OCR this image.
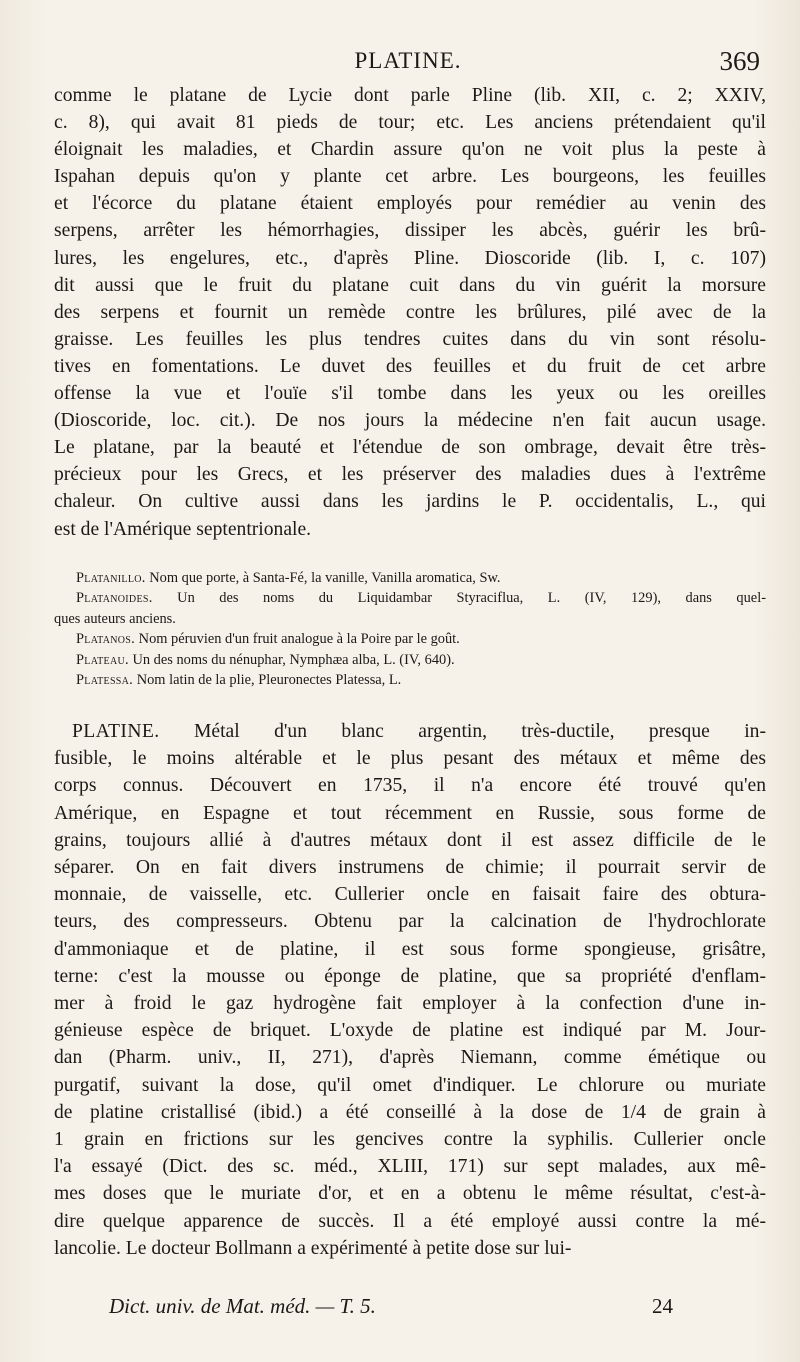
PLATINE.	369
comme le platane de Lycie dont parle Pline (lib. XII, c. 2; XXIV,
c. 8), qui avait 81 pieds de tour; etc. Les anciens prétendaient qu'il
éloignait les maladies, et Chardin assure qu'on ne voit plus la peste à
Ispahan depuis qu'on y plante cet arbre. Les bourgeons, les feuilles
et l'écorce du platane étaient employés pour remédier au venin des
serpens, arrêter les hémorrhagies, dissiper les abcès, guérir les brû-
lures, les engelures, etc., d'après Pline. Dioscoride (lib. I, c. 107)
dit aussi que le fruit du platane cuit dans du vin guérit la morsure
des serpens et fournit un remède contre les brûlures, pilé avec de la
graisse. Les feuilles les plus tendres cuites dans du vin sont résolu-
tives en fomentations. Le duvet des feuilles et du fruit de cet arbre
offense la vue et l'ouïe s'il tombe dans les yeux ou les oreilles
(Dioscoride, loc. cit.). De nos jours la médecine n'en fait aucun usage.
Le platane, par la beauté et l'étendue de son ombrage, devait être très-
précieux pour les Grecs, et les préserver des maladies dues à l'extrême
chaleur. On cultive aussi dans les jardins le P. occidentalis, L., qui
est de l'Amérique septentrionale.
Platanillo. Nom que porte, à Santa-Fé, la vanille, Vanilla aromatica, Sw.
Platanoides. Un des noms du Liquidambar Styraciflua, L. (IV, 129), dans quel-
ques auteurs anciens.
Platanos. Nom péruvien d'un fruit analogue à la Poire par le goût.
Plateau. Un des noms du nénuphar, Nymphæa alba, L. (IV, 640).
Platessa. Nom latin de la plie, Pleuronectes Platessa, L.
PLATINE. Métal d'un blanc argentin, très-ductile, presque in-
fusible, le moins altérable et le plus pesant des métaux et même des
corps connus. Découvert en 1735, il n'a encore été trouvé qu'en
Amérique, en Espagne et tout récemment en Russie, sous forme de
grains, toujours allié à d'autres métaux dont il est assez difficile de le
séparer. On en fait divers instrumens de chimie; il pourrait servir de
monnaie, de vaisselle, etc. Cullerier oncle en faisait faire des obtura-
teurs, des compresseurs. Obtenu par la calcination de l'hydrochlorate
d'ammoniaque et de platine, il est sous forme spongieuse, grisâtre,
terne: c'est la mousse ou éponge de platine, que sa propriété d'enflam-
mer à froid le gaz hydrogène fait employer à la confection d'une in-
génieuse espèce de briquet. L'oxyde de platine est indiqué par M. Jour-
dan (Pharm. univ., II, 271), d'après Niemann, comme émétique ou
purgatif, suivant la dose, qu'il omet d'indiquer. Le chlorure ou muriate
de platine cristallisé (ibid.) a été conseillé à la dose de 1/4 de grain à
1 grain en frictions sur les gencives contre la syphilis. Cullerier oncle
l'a essayé (Dict. des sc. méd., XLIII, 171) sur sept malades, aux mê-
mes doses que le muriate d'or, et en a obtenu le même résultat, c'est-à-
dire quelque apparence de succès. Il a été employé aussi contre la mé-
lancolie. Le docteur Bollmann a expérimenté à petite dose sur lui-
Dict. univ. de Mat. méd. — T. 5.	24
